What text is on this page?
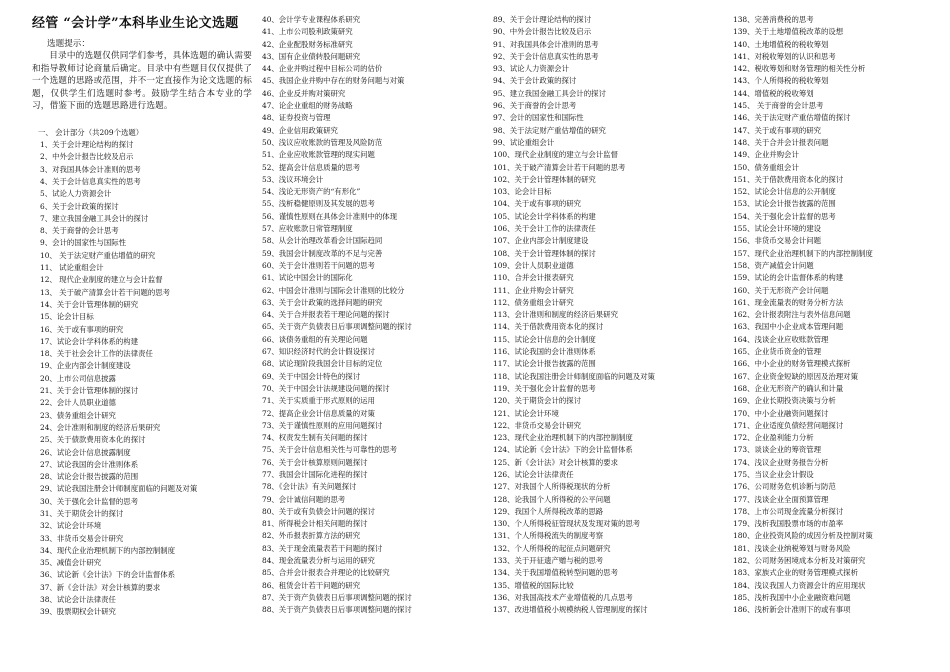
经管 “会计学”本科毕业生论文选题
选题提示：
目录中的选题仅供同学们参考，具体选题的确认需要和指导教师讨论商量后确定。目录中有些题目仅仅提供了一个选题的思路或范围，并不一定直接作为论文选题的标题，仅供学生们选题时参考。鼓励学生结合本专业的学习，借鉴下面的选题思路进行选题。
一、 会计部分（共209个选题）
1、关于会计理论结构的探讨
2、中外会计报告比较及启示
3、对我国具体会计准则的思考
4、关于会计信息真实性的思考
5、试论人力资源会计
6、关于会计政策的探讨
7、建立我国金融工具会计的探讨
8、关于商誉的会计思考
9、会计的国家性与国际性
10、 关于法定财产重估增值的研究
11、 试论重组会计
12、 现代企业制度的建立与会计监督
13、 关于破产清算会计若干问题的思考
14、关于会计管理体制的研究
15、论会计目标
16、关于或有事项的研究
17、试论会计学科体系的构建
18、关于社会会计工作的法律责任
19、企业内部会计制度建设
20、上市公司信息披露
21、关于会计管理体制的探讨
22、会计人员职业道德
23、债务重组会计研究
24、会计准则和制度的经济后果研究
25、关于债款费用资本化的探讨
26、试论会计信息披露制度
27、试论我国的会计准则体系
28、试论会计报告披露的范围
29、试论我国注册会计师制度面临的问题及对策
30、关于强化会计监督的思考
31、关于期货会计的探讨
32、试论会计环境
33、非货币交易会计研究
34、现代企业治理机制下的内部控制制度
35、减值会计研究
36、试论新《会计法》下的会计监督体系
37、新《会计法》对会计核算的要求
38、试论会计法律责任
39、股票期权会计研究
40、会计学专业课程体系研究
41、上市公司股利政策研究
42、企业配股财务标准研究
43、国有企业债转股问题研究
44、企业并购过程中目标公司的估价
45、我国企业并购中存在的财务问题与对策
46、企业反并购对策研究
47、论企业重组的财务战略
48、证券投资与管理
49、企业信用政策研究
50、浅议应收账款的管理及风险防范
51、企业应收账款管理的现实问题
52、提高会计信息质量的思考
53、浅议环境会计
54、浅论无形资产的“有形化”
55、浅析稳健原则及其发展的思考
56、谨慎性原则在具体会计准则中的体现
57、应收账款日常管理制度
58、从会计治理改革看会计国际趋同
59、我国会计制度改革的不足与完善
60、关于会计准则若干问题的思考
61、试论中国会计的国际化
62、中国会计准则与国际会计准则的比较分
63、关于会计政策的选择问题的研究
64、关于合并报表若干理论问题的探讨
65、关于资产负债表日后事项调整问题的探讨
66、谈债务重组的有关理论问题
67、知识经济时代的会计假设探讨
68、试论现阶段我国会计目标的定位
69、关于中国会计特色的探讨
70、关于中国会计法规建设问题的探讨
71、关于实质重于形式原则的运用
72、提高企业会计信息质量的对策
73、关于谨慎性原则的应用问题探讨
74、权责发生制有关问题的探讨
75、关于会计信息相关性与可靠性的思考
76、关于会计核算原则问题探讨
77、我国会计国际化进程的探讨
78、《会计法》有关问题探讨
79、会计诚信问题的思考
80、关于或有负债会计问题的探讨
81、所得税会计相关问题的探讨
82、外币报表折算方法的研究
83、关于现金流量表若干问题的探讨
84、现金流量表分析与运用的研究
85、合并会计报表合并理论的比较研究
86、租赁会计若干问题的研究
87、关于资产负债表日后事项调整问题的探讨
88、关于资产负债表日后事项调整问题的探讨
89、关于会计理论结构的探讨
90、中外会计报告比较及启示
91、对我国具体会计准则的思考
92、关于会计信息真实性的思考
93、试论人力资源会计
94、关于会计政策的探讨
95、建立我国金融工具会计的探讨
96、关于商誉的会计思考
97、会计的国家性和国际性
98、关于法定财产重估增值的研究
99、试论重组会计
100、现代企业制度的建立与会计监督
101、关于破产清算会计若干问题的思考
102、关于会计管理体制的研究
103、论会计目标
104、关于或有事项的研究
105、试论会计学科体系的构建
106、关于会计工作的法律责任
107、企业内部会计制度建设
108、关于会计管理体制的探讨
109、会计人员职业道德
110、合并会计报表研究
111、企业并购会计研究
112、债务重组会计研究
113、会计准则和制度的经济后果研究
114、关于借款费用资本化的探讨
115、试论会计信息的会计制度
116、试论我国的会计准则体系
117、试论会计报告披露的范围
118、试论我国注册会计师制度面临的问题及对策
119、关于强化会计监督的思考
120、关于期货会计的探讨
121、试论会计环境
122、非货币交易会计研究
123、现代企业治理机制下的内部控制制度
124、试论新《会计法》下的会计监督体系
125、新《会计法》对会计核算的要求
126、试论会计法律责任
127、对我国个人所得税现状的分析
128、论我国个人所得税的公平问题
129、我国个人所得税改革的思路
130、个人所得税征管现状及发现对策的思考
131、个人所得税流失的制度考察
132、个人所得税的起征点问题研究
133、关于开征遗产赠与税的思考
134、关于我国增值税转型问题的思考
135、增值税的国际比较
136、对我国高技术产业增值税的几点思考
137、改进增值税小规模纳税人管理制度的探讨
138、完善消费税的思考
139、关于土地增值税改革的设想
140、土地增值税的税收筹划
141、对税收筹划的认识和思考
142、税收筹划和财务管理的相关性分析
143、个人所得税的税收筹划
144、增值税的税收筹划
145、 关于商誉的会计思考
146、关于法定财产重估增值的探讨
147、关于或有事项的研究
148、关于合并会计报表问题
149、企业并购会计
150、债务重组会计
151、关于借款费用资本化的探讨
152、试论会计信息的公开制度
153、试论会计报告披露的范围
154、关于强化会计监督的思考
155、试论会计环境的建设
156、非货币交易会计问题
157、现代企业治理机制下的内部控制制度
158、资产减值会计问题
159、试论的会计监督体系的构建
160、关于无形资产会计问题
161、现金流量表的财务分析方法
162、会计报表附注与表外信息问题
163、我国中小企业成本管理问题
164、浅谈企业应收账款管理
165、企业货币资金的管理
166、中小企业的财务管理模式探析
167、企业资金短缺的原因及治理对策
168、企业无形资产的确认和计量
169、企业长期投资决策与分析
170、中小企业融资问题探讨
171、企业适度负债经营问题探讨
172、企业盈利能力分析
173、谈谈企业的筹资管理
174、浅议企业财务报告分析
175、当议企业会计假设
176、公司财务危机诊断与防范
177、浅谈企业全面预算管理
178、上市公司现金流量分析探讨
179、浅析我国股票市场的市盈率
180、企业投资风险的成因分析及控制对策
181、浅谈企业纳税筹划与财务风险
182、公司财务困境成本分析及对策研究
183、家族式企业的财务管理模式探析
184、浅议我国人力资源会计的应用现状
185、浅析我国中小企业融资难问题
186、浅析新会计准则下的或有事项
